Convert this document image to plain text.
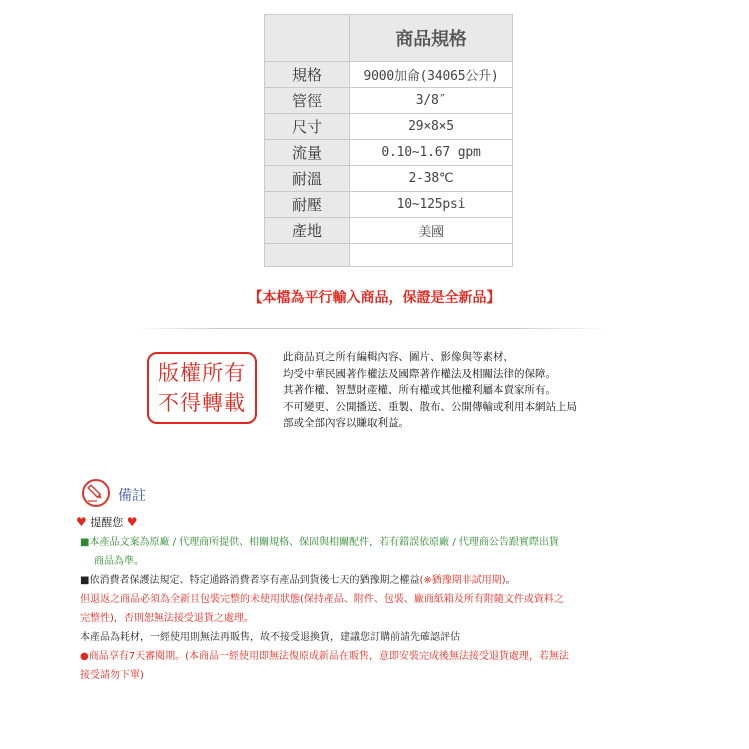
	商品規格
規格	9000加侖(34065公升)
管徑	3/8″
尺寸	29×8×5
流量	0.10~1.67 gpm
耐溫	2-38℃
耐壓	10~125psi
產地	美國

【本檔為平行輸入商品，保證是全新品】
版權所有
不得轉載
此商品頁之所有編輯內容、圖片、影像與等素材，
均受中華民國著作權法及國際著作權法及相關法律的保障。
其著作權、智慧財產權、所有權或其他權利屬本賣家所有。
不可變更、公開播送、重製、散布、公開傳輸或利用本網站上局
部或全部內容以賺取利益。
備註
♥ 提醒您 ♥
■本產品文案為原廠 / 代理商所提供、相關規格、保固與相關配件，若有錯誤依原廠 / 代理商公告跟實際出貨
商品為準。
■依消費者保護法規定、特定通路消費者享有產品到貨後七天的猶豫期之權益(※猶豫期非試用期)。
但退返之商品必須為全新且包裝完整的未使用狀態(保持產品、附件、包裝、廠商紙箱及所有附隨文件或資料之
完整性)，否則恕無法接受退貨之處理。
本產品為耗材，一經使用則無法再販售，故不接受退換貨，建議您訂購前請先確認評估
●商品享有7天審閱期。(本商品一經使用即無法復原成新品在販售，意即安裝完成後無法接受退貨處理，若無法
接受請勿下單)
